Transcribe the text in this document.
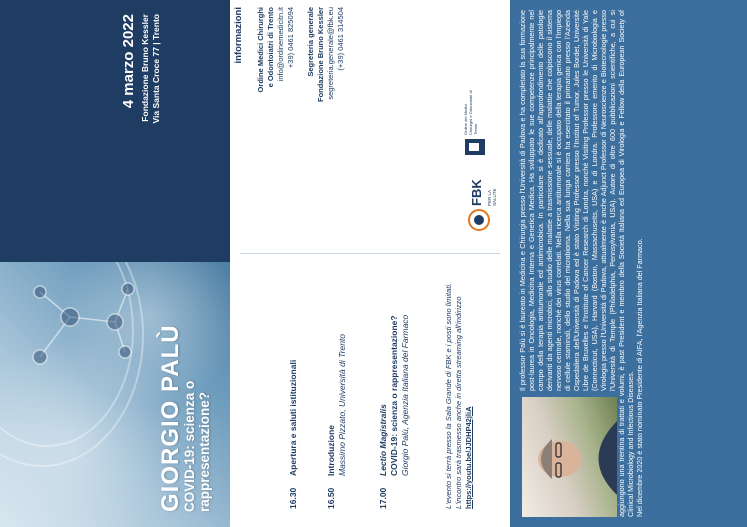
GIORGIO PALÙ
COVID-19: scienza o rappresentazione?
4 marzo 2022 Fondazione Bruno Kessler Via Santa Croce 77 | Trento
16.30
Apertura e saluti istituzionali
16.50
Introduzione Massimo Pizzato, Università di Trento
17.00
Lectio Magistralis COVID-19: scienza o rappresentazione? Giorgio Palù, Agenzia Italiana del Farmaco	L'evento si terrà presso la Sala Grande di FBK e i posti sono limitati. L'incontro sarà trasmesso anche in diretta streaming all'indirizzo https://youtu.be/JJDHP42jliA
informazioni Ordine Medici Chirurghi e Odontoiatri di Trento info@ordinemedicitn.it +39) 0461 825094 Segreteria generale Fondazione Bruno Kessler segreteria.generale@fbk.eu (+39) 0461 314504
FBK PER LA SALUTE
Ordine dei Medici Chirurghi e Odontoiatri di Trento	Il professor Palù si è laureato in Medicina e Chirurgia presso l'Università di Padova e ha completato la sua formazione post-laurea in Oncologia, Medicina Interna e Genetica Medica. Ha sviluppato le sue competenze principalmente nel campo della terapia antitumorale ed antimicrobica. In particolare si è dedicato all'approfondimento delle patologie derivanti da agenti microbici, allo studio delle malattie a trasmissione sessuale, delle malattie che colpiscono il sistema nervoso centrale, nonché dei virus correlati. Nella ricerca antitumorale si è occupato della terapia genica con l'impiego di cellule staminali, dello studio del microbioma. Nella sua lunga carriera ha esercitato il primariato presso l'Azienda Ospedaliera dell'Università di Padova ed è stato Visiting Professor presso l'Institut of Tumor, Jules Bordet, Université Libre de Bruxelles e l'Institute of Cancer Research di Londra, nonché Visiting Professor presso le Università di Yale (Connecticut, USA), Harvard (Boston, Massachusetts, USA) e di Londra. Professore emerito di Microbiologia e Virologia presso l'Università di Padova, attualmente è anche Adjunct Professor di Neuroscienze e Biotecnologie presso l'Università di Temple (Philadelphia, Pennsylvania, USA). Autore di oltre 600 pubblicazioni scientifiche, a cui si aggiungono una trentina di trattati e volumi, è past President e membro della Società Italiana ed Europea di Virologia e Fellow della European Society of Clinical Microbiology and Infectious Diseases. Nel dicembre 2020 è stato nominato Presidente di AIFA, l'Agenzia Italiana del Farmaco.
